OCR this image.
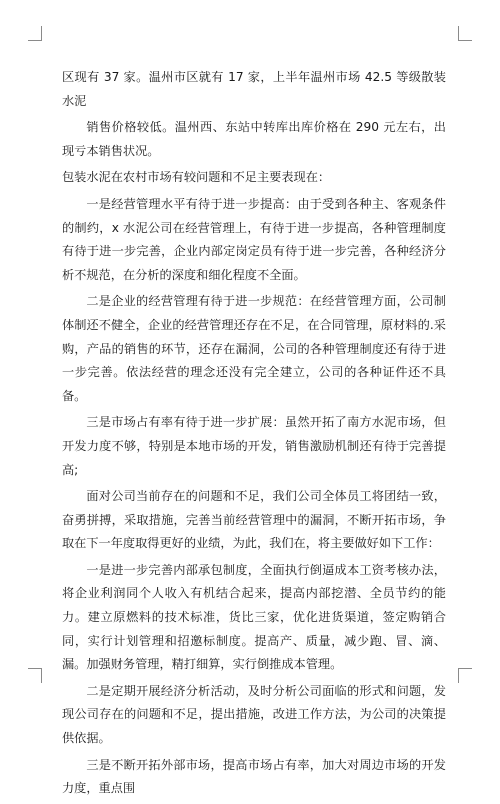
区现有 37 家。温州市区就有 17 家，上半年温州市场 42.5 等级散装水泥

销售价格较低。温州西、东站中转库出库价格在 290 元左右，出现亏本销售状况。

包装水泥在农村市场有较问题和不足主要表现在：

一是经营管理水平有待于进一步提高：由于受到各种主、客观条件的制约，x 水泥公司在经营管理上，有待于进一步提高，各种管理制度有待于进一步完善，企业内部定岗定员有待于进一步完善，各种经济分析不规范，在分析的深度和细化程度不全面。

二是企业的经营管理有待于进一步规范：在经营管理方面，公司制体制还不健全，企业的经营管理还存在不足，在合同管理，原材料的.采购，产品的销售的环节，还存在漏洞，公司的各种管理制度还有待于进一步完善。依法经营的理念还没有完全建立，公司的各种证件还不具备。

三是市场占有率有待于进一步扩展：虽然开拓了南方水泥市场，但开发力度不够，特别是本地市场的开发，销售激励机制还有待于完善提高;

面对公司当前存在的问题和不足，我们公司全体员工将团结一致，奋勇拼搏，采取措施，完善当前经营管理中的漏洞，不断开拓市场，争取在下一年度取得更好的业绩，为此，我们在，将主要做好如下工作：

一是进一步完善内部承包制度，全面执行倒逼成本工资考核办法，将企业利润同个人收入有机结合起来，提高内部挖潜、全员节约的能力。建立原燃料的技术标准，货比三家，优化进货渠道，签定购销合同，实行计划管理和招邀标制度。提高产、质量，减少跑、冒、滴、漏。加强财务管理，精打细算，实行倒推成本管理。

二是定期开展经济分析活动，及时分析公司面临的形式和问题，发现公司存在的问题和不足，提出措施，改进工作方法，为公司的决策提供依据。

三是不断开拓外部市场，提高市场占有率，加大对周边市场的开发力度，重点围
